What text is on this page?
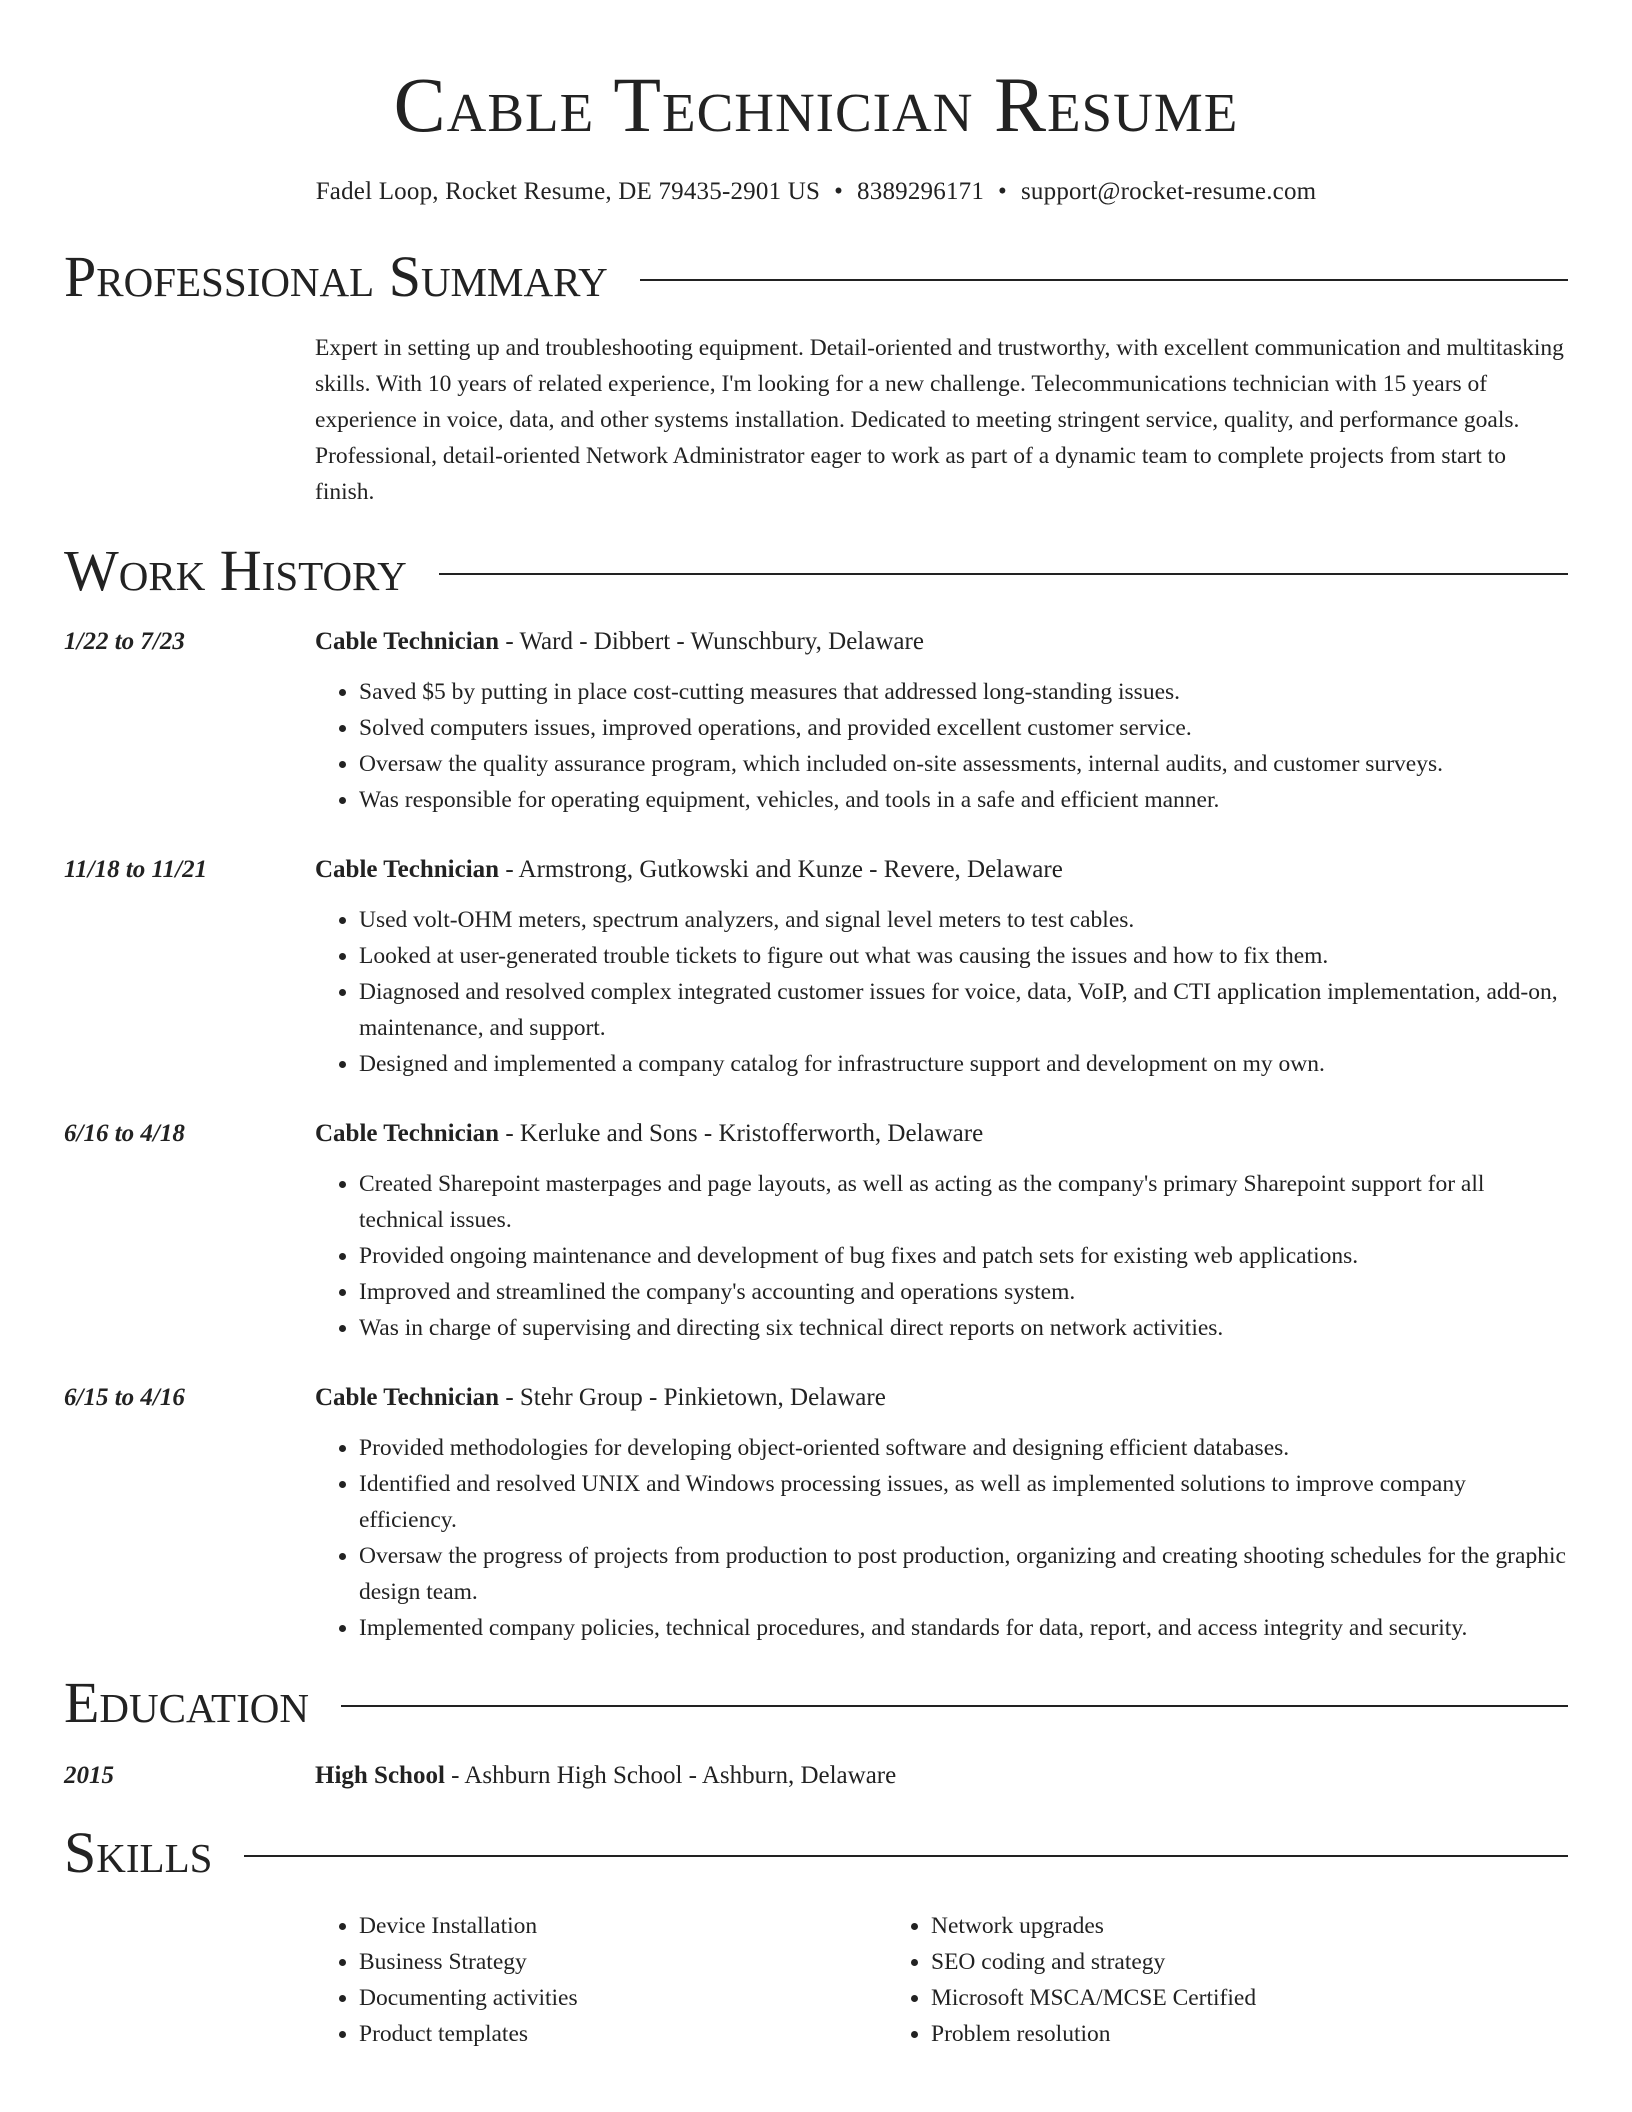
Cable Technician Resume
Fadel Loop, Rocket Resume, DE 79435-2901 US • 8389296171 • support@rocket-resume.com
Professional Summary
Expert in setting up and troubleshooting equipment. Detail-oriented and trustworthy, with excellent communication and multitasking skills. With 10 years of related experience, I'm looking for a new challenge. Telecommunications technician with 15 years of experience in voice, data, and other systems installation. Dedicated to meeting stringent service, quality, and performance goals. Professional, detail-oriented Network Administrator eager to work as part of a dynamic team to complete projects from start to finish.
Work History
1/22 to 7/23	Cable Technician - Ward - Dibbert - Wunschbury, Delaware
• Saved $5 by putting in place cost-cutting measures that addressed long-standing issues.
• Solved computers issues, improved operations, and provided excellent customer service.
• Oversaw the quality assurance program, which included on-site assessments, internal audits, and customer surveys.
• Was responsible for operating equipment, vehicles, and tools in a safe and efficient manner.
11/18 to 11/21	Cable Technician - Armstrong, Gutkowski and Kunze - Revere, Delaware
• Used volt-OHM meters, spectrum analyzers, and signal level meters to test cables.
• Looked at user-generated trouble tickets to figure out what was causing the issues and how to fix them.
• Diagnosed and resolved complex integrated customer issues for voice, data, VoIP, and CTI application implementation, add-on, maintenance, and support.
• Designed and implemented a company catalog for infrastructure support and development on my own.
6/16 to 4/18	Cable Technician - Kerluke and Sons - Kristofferworth, Delaware
• Created Sharepoint masterpages and page layouts, as well as acting as the company's primary Sharepoint support for all technical issues.
• Provided ongoing maintenance and development of bug fixes and patch sets for existing web applications.
• Improved and streamlined the company's accounting and operations system.
• Was in charge of supervising and directing six technical direct reports on network activities.
6/15 to 4/16	Cable Technician - Stehr Group - Pinkietown, Delaware
• Provided methodologies for developing object-oriented software and designing efficient databases.
• Identified and resolved UNIX and Windows processing issues, as well as implemented solutions to improve company efficiency.
• Oversaw the progress of projects from production to post production, organizing and creating shooting schedules for the graphic design team.
• Implemented company policies, technical procedures, and standards for data, report, and access integrity and security.
Education
2015	High School - Ashburn High School - Ashburn, Delaware
Skills
• Device Installation
• Business Strategy
• Documenting activities
• Product templates
• Network upgrades
• SEO coding and strategy
• Microsoft MSCA/MCSE Certified
• Problem resolution
